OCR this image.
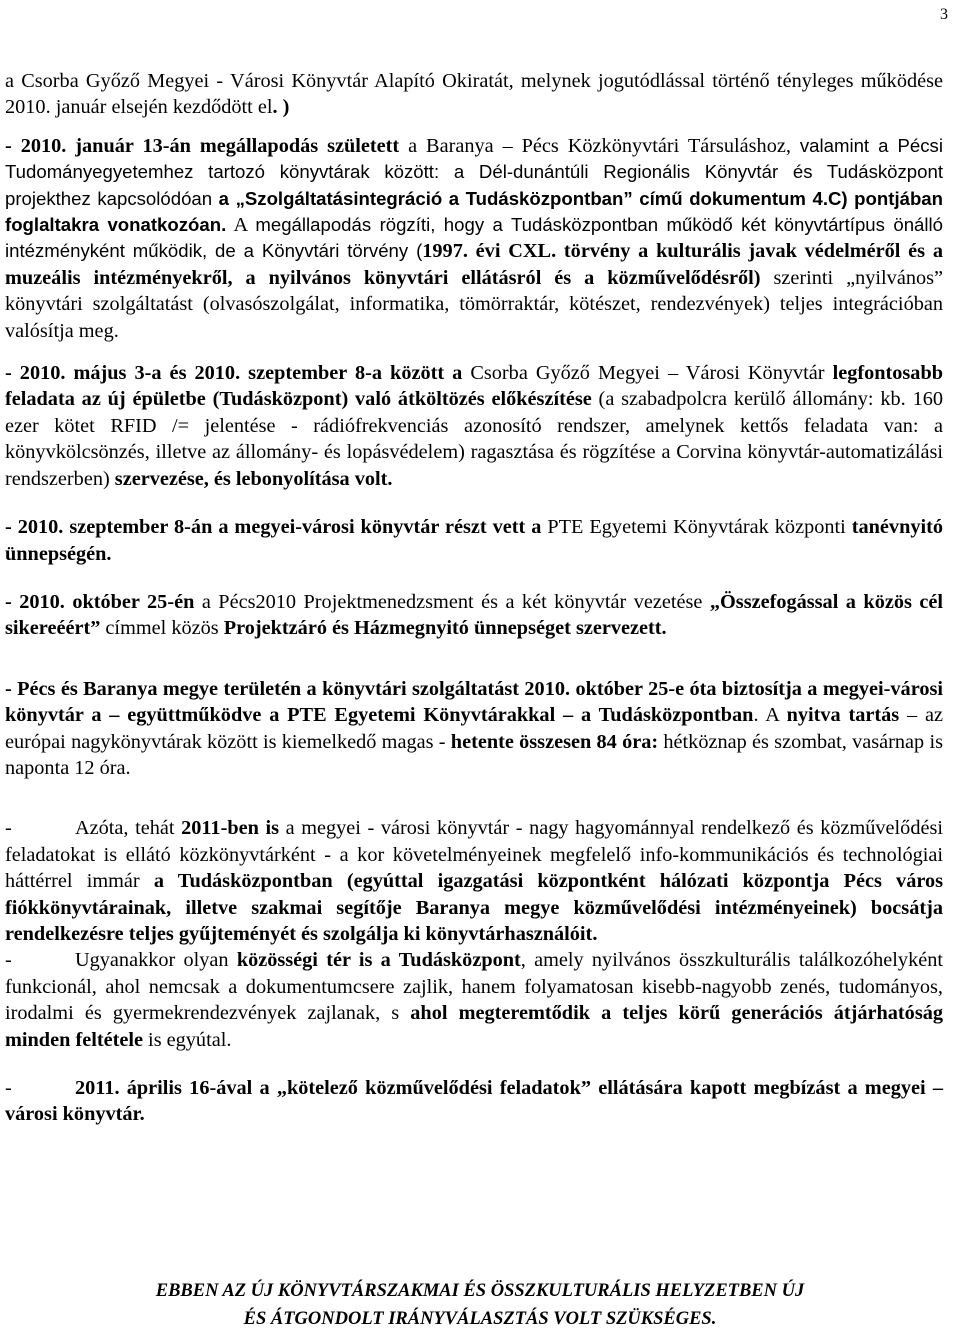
3

a Csorba Győző Megyei - Városi Könyvtár Alapító Okiratát, melynek jogutódlással történő tényleges működése 2010. január elsején kezdődött el. )

- 2010. január 13-án megállapodás született a Baranya – Pécs Közkönyvtári Társuláshoz, valamint a Pécsi Tudományegyetemhez tartozó könyvtárak között: a Dél-dunántúli Regionális Könyvtár és Tudásközpont projekthez kapcsolódóan a „Szolgáltatásintegráció a Tudásközpontban” című dokumentum 4.C) pontjában foglaltakra vonatkozóan. A megállapodás rögzíti, hogy a Tudásközpontban működő két könyvtártípus önálló intézményként működik, de a Könyvtári törvény (1997. évi CXL. törvény a kulturális javak védelméről és a muzeális intézményekről, a nyilvános könyvtári ellátásról és a közművelődésről) szerinti „nyilvános” könyvtári szolgáltatást (olvasószolgálat, informatika, tömörraktár, kötészet, rendezvények) teljes integrációban valósítja meg.

- 2010. május 3-a és 2010. szeptember 8-a között a Csorba Győző Megyei – Városi Könyvtár legfontosabb feladata az új épületbe (Tudásközpont) való átköltözés előkészítése (a szabadpolcra kerülő állomány: kb. 160 ezer kötet RFID /= jelentése - rádiófrekvenciás azonosító rendszer, amelynek kettős feladata van: a könyvkölcsönzés, illetve az állomány- és lopásvédelem) ragasztása és rögzítése a Corvina könyvtár-automatizálási rendszerben) szervezése, és lebonyolítása volt.

- 2010. szeptember 8-án a megyei-városi könyvtár részt vett a PTE Egyetemi Könyvtárak központi tanévnyitó ünnepségén.

- 2010. október 25-én a Pécs2010 Projektmenedzsment és a két könyvtár vezetése „Összefogással a közös cél sikereéért” címmel közös Projektzáró és Házmegnyitó ünnepséget szervezett.

- Pécs és Baranya megye területén a könyvtári szolgáltatást 2010. október 25-e óta biztosítja a megyei-városi könyvtár a – együttműködve a PTE Egyetemi Könyvtárakkal – a Tudásközpontban. A nyitva tartás – az európai nagykönyvtárak között is kiemelkedő magas - hetente összesen 84 óra: hétköznap és szombat, vasárnap is naponta 12 óra.

-	Azóta, tehát 2011-ben is a megyei - városi könyvtár - nagy hagyománnyal rendelkező és közművelődési feladatokat is ellátó közkönyvtárként - a kor követelményeinek megfelelő info-kommunikációs és technológiai háttérrel immár a Tudásközpontban (egyúttal igazgatási központként hálózati központja Pécs város fiókkönyvtárainak, illetve szakmai segítője Baranya megye közművelődési intézményeinek) bocsátja rendelkezésre teljes gyűjteményét és szolgálja ki könyvtárhasználóit.

-	Ugyanakkor olyan közösségi tér is a Tudásközpont, amely nyilvános összkulturális találkozóhelyként funkcionál, ahol nemcsak a dokumentumcsere zajlik, hanem folyamatosan kisebb-nagyobb zenés, tudományos, irodalmi és gyermekrendezvények zajlanak, s ahol megteremtődik a teljes körű generációs átjárhatóság minden feltétele is egyútal.

-	2011. április 16-ával a „kötelező közművelődési feladatok” ellátására kapott megbízást a megyei – városi könyvtár.

EBBEN AZ ÚJ KÖNYVTÁRSZAKMAI ÉS ÖSSZKULTURÁLIS HELYZETBEN ÚJ
ÉS ÁTGONDOLT IRÁNYVÁLASZTÁS VOLT SZÜKSÉGES.
